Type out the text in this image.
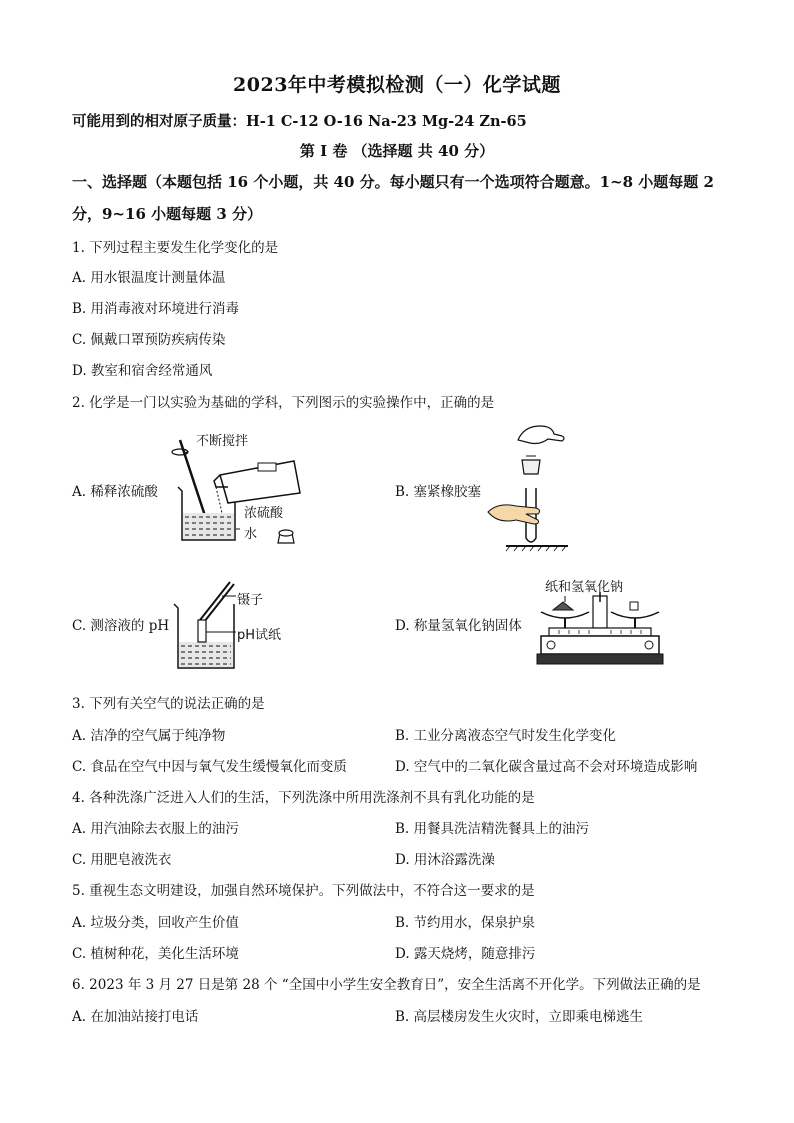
2023年中考模拟检测（一）化学试题
可能用到的相对原子质量：H-1 C-12 O-16 Na-23 Mg-24 Zn-65
第 I 卷 （选择题 共 40 分）
一、选择题（本题包括 16 个小题，共 40 分。每小题只有一个选项符合题意。1~8 小题每题 2
分，9~16 小题每题 3 分）
1. 下列过程主要发生化学变化的是
A. 用水银温度计测量体温
B. 用消毒液对环境进行消毒
C. 佩戴口罩预防疾病传染
D. 教室和宿舍经常通风
2. 化学是一门以实验为基础的学科，下列图示的实验操作中，正确的是
A. 稀释浓硫酸	B. 塞紧橡胶塞
C. 测溶液的 pH	D. 称量氢氧化钠固体
不断搅拌
浓硫酸
水
镊子
pH试纸
纸和氢氧化钠
3. 下列有关空气的说法正确的是
A. 洁净的空气属于纯净物	B. 工业分离液态空气时发生化学变化
C. 食品在空气中因与氧气发生缓慢氧化而变质	D. 空气中的二氧化碳含量过高不会对环境造成影响
4. 各种洗涤广泛进入人们的生活，下列洗涤中所用洗涤剂不具有乳化功能的是
A. 用汽油除去衣服上的油污	B. 用餐具洗洁精洗餐具上的油污
C. 用肥皂液洗衣	D. 用沐浴露洗澡
5. 重视生态文明建设，加强自然环境保护。下列做法中，不符合这一要求的是
A. 垃圾分类，回收产生价值	B. 节约用水，保泉护泉
C. 植树种花，美化生活环境	D. 露天烧烤，随意排污
6. 2023 年 3 月 27 日是第 28 个 “全国中小学生安全教育日”，安全生活离不开化学。下列做法正确的是
A. 在加油站接打电话	B. 高层楼房发生火灾时，立即乘电梯逃生
